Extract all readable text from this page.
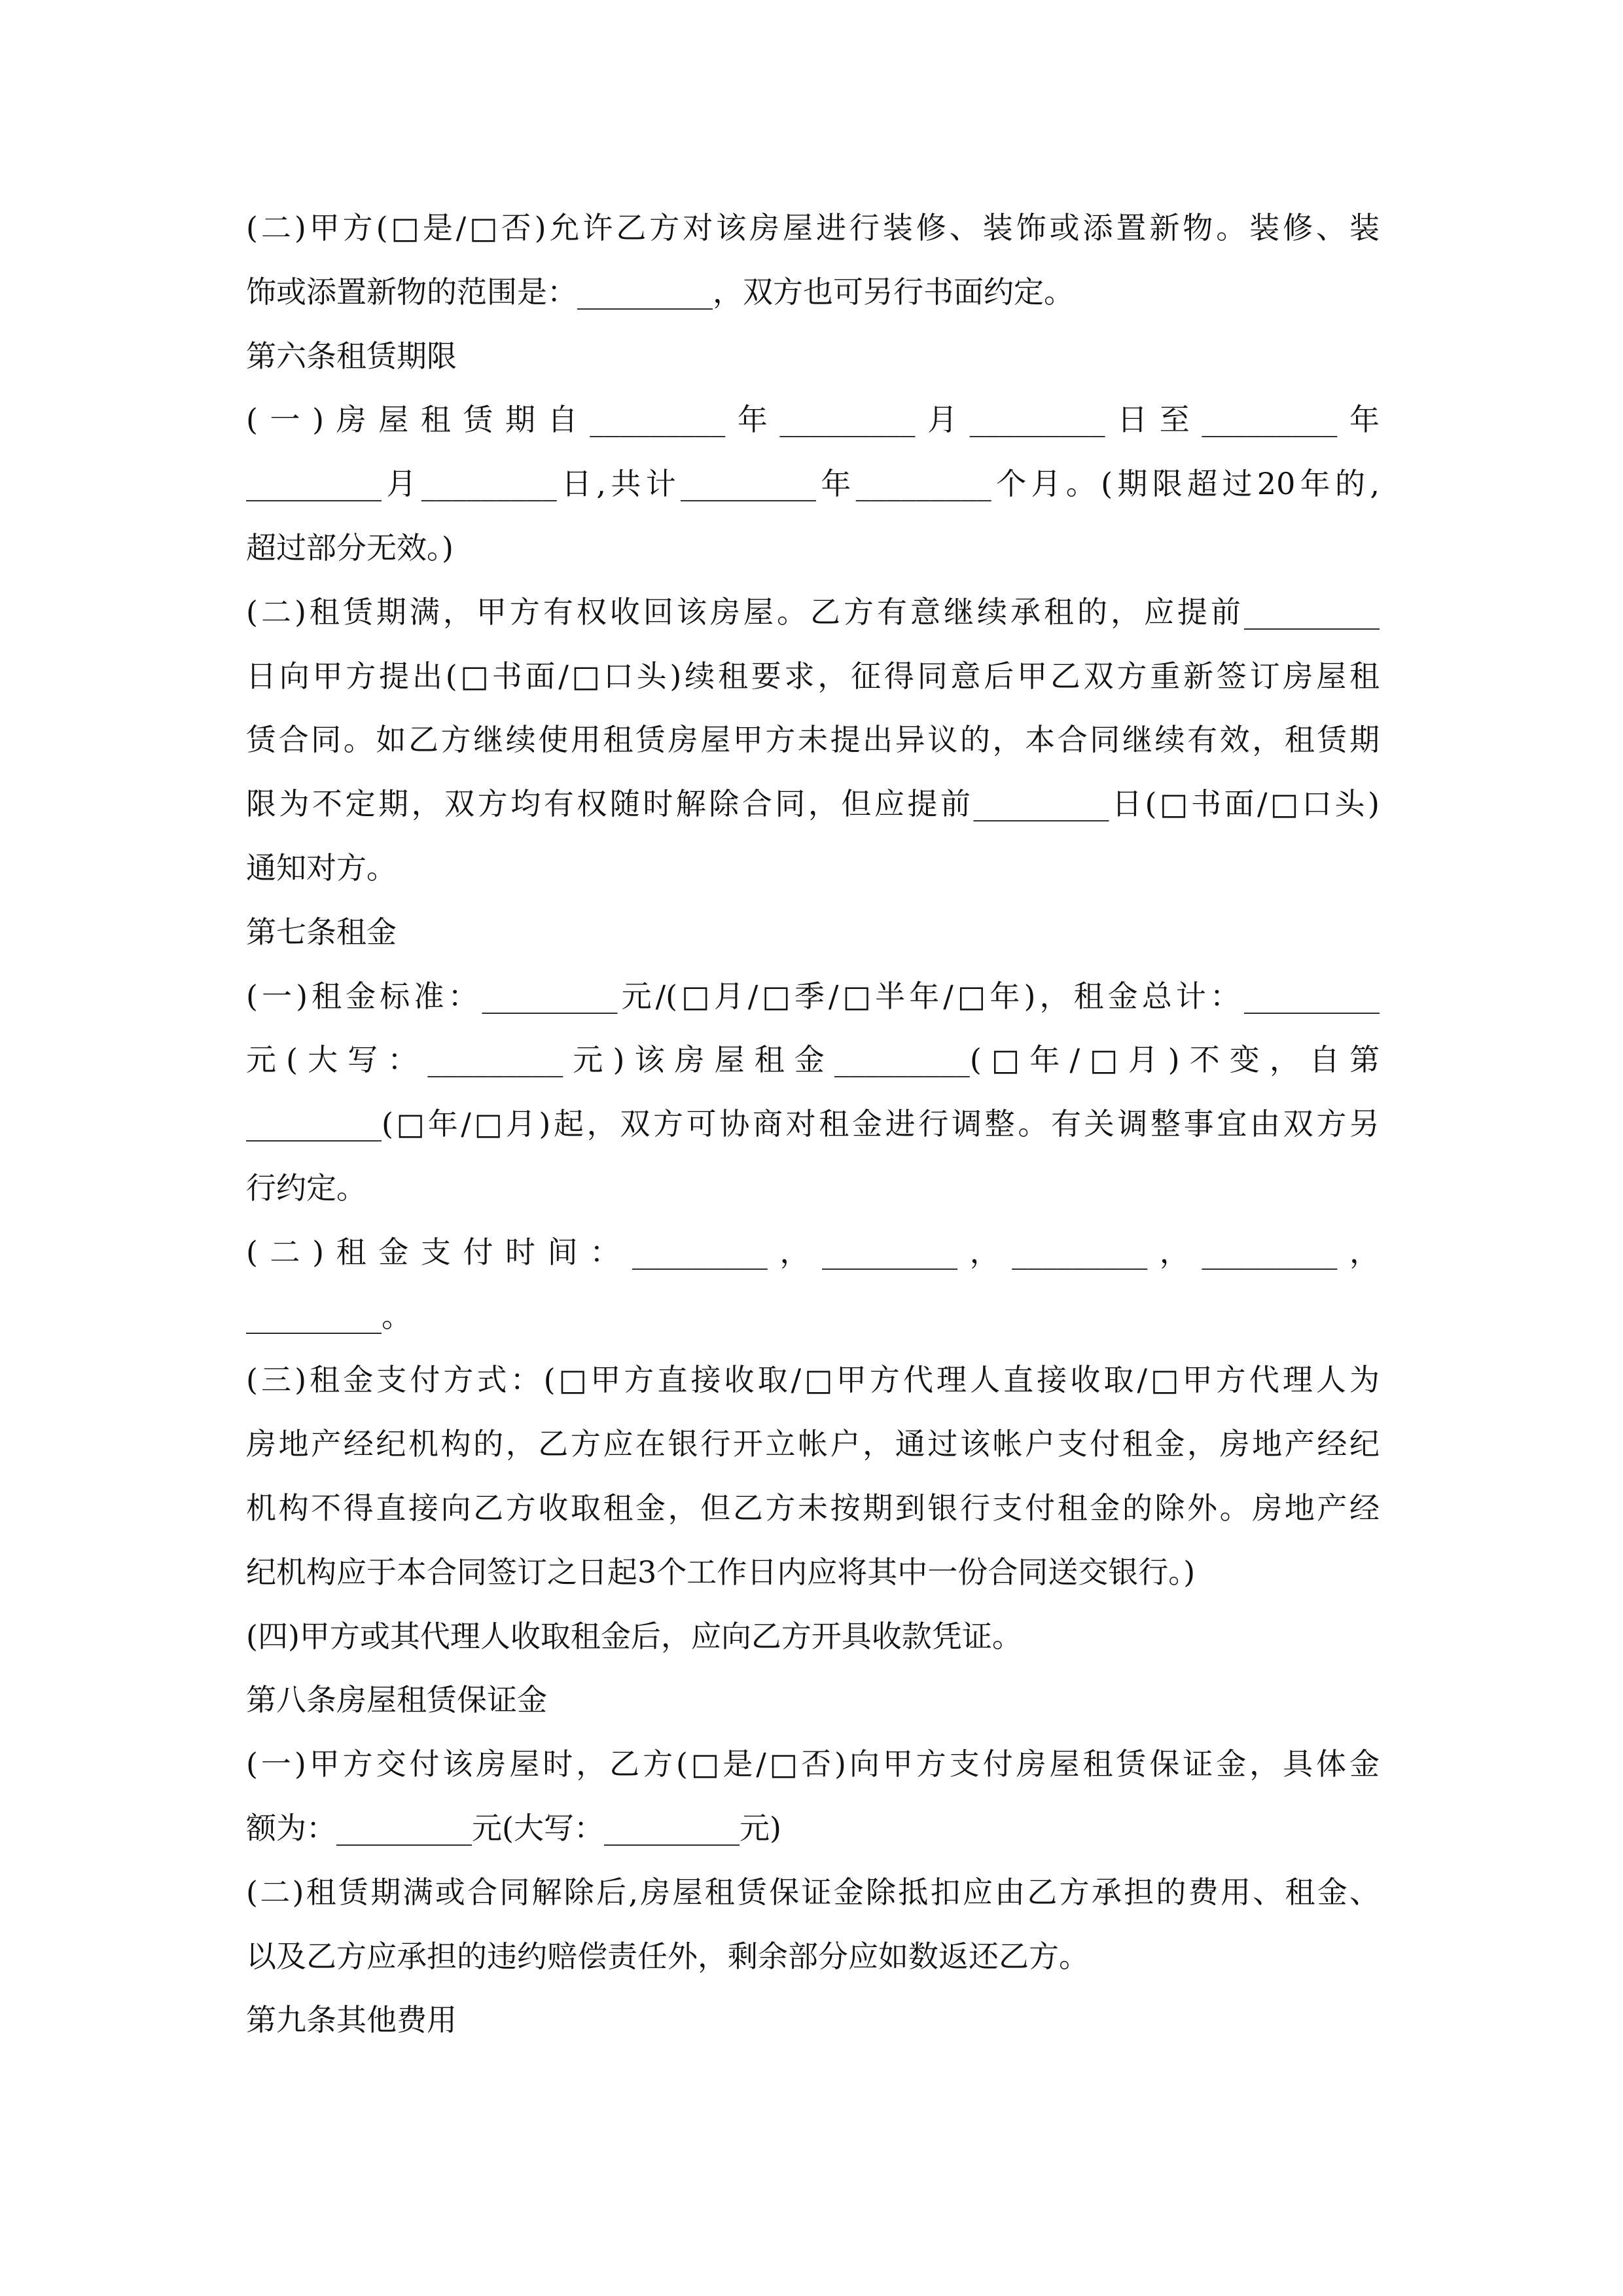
(二)甲方(□是/□否)允许乙方对该房屋进行装修、装饰或添置新物。装修、装
饰或添置新物的范围是：_________，双方也可另行书面约定。
第六条租赁期限
(一)房屋租赁期自_________年_________月_________日至_________年
_________月_________日,共计_________年_________个月。(期限超过20年的,
超过部分无效。)
(二)租赁期满，甲方有权收回该房屋。乙方有意继续承租的，应提前_________
日向甲方提出(□书面/□口头)续租要求，征得同意后甲乙双方重新签订房屋租
赁合同。如乙方继续使用租赁房屋甲方未提出异议的，本合同继续有效，租赁期
限为不定期，双方均有权随时解除合同，但应提前_________日(□书面/□口头)
通知对方。
第七条租金
(一)租金标准：_________元/(□月/□季/□半年/□年)，租金总计：_________
元(大写：_________元)该房屋租金_________(□年/□月)不变，自第
_________(□年/□月)起，双方可协商对租金进行调整。有关调整事宜由双方另
行约定。
(二)租金支付时间：_________，_________，_________，_________，
_________。
(三)租金支付方式：(□甲方直接收取/□甲方代理人直接收取/□甲方代理人为
房地产经纪机构的，乙方应在银行开立帐户，通过该帐户支付租金，房地产经纪
机构不得直接向乙方收取租金，但乙方未按期到银行支付租金的除外。房地产经
纪机构应于本合同签订之日起3个工作日内应将其中一份合同送交银行。)
(四)甲方或其代理人收取租金后，应向乙方开具收款凭证。
第八条房屋租赁保证金
(一)甲方交付该房屋时，乙方(□是/□否)向甲方支付房屋租赁保证金，具体金
额为：_________元(大写：_________元)
(二)租赁期满或合同解除后,房屋租赁保证金除抵扣应由乙方承担的费用、租金、
以及乙方应承担的违约赔偿责任外，剩余部分应如数返还乙方。
第九条其他费用
